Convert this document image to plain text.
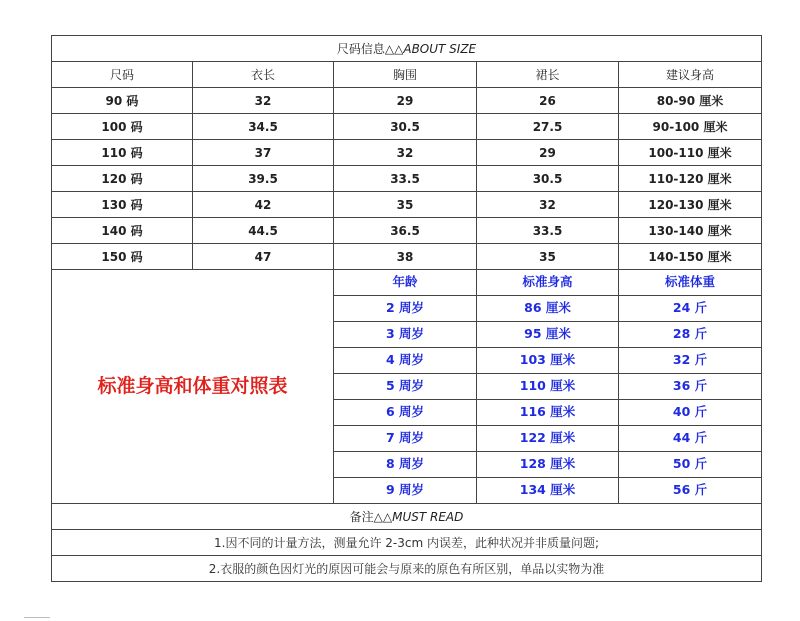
尺码信息△△ABOUT SIZE				
尺码	衣长	胸围	裙长	建议身高
90 码	32	29	26	80-90 厘米
100 码	34.5	30.5	27.5	90-100 厘米
110 码	37	32	29	100-110 厘米
120 码	39.5	33.5	30.5	110-120 厘米
130 码	42	35	32	120-130 厘米
140 码	44.5	36.5	33.5	130-140 厘米
150 码	47	38	35	140-150 厘米
标准身高和体重对照表		年龄	标准身高	标准体重
		2 周岁	86 厘米	24 斤
		3 周岁	95 厘米	28 斤
		4 周岁	103 厘米	32 斤
		5 周岁	110 厘米	36 斤
		6 周岁	116 厘米	40 斤
		7 周岁	122 厘米	44 斤
		8 周岁	128 厘米	50 斤
		9 周岁	134 厘米	56 斤
备注△△MUST READ				
1.因不同的计量方法，测量允许 2-3cm 内误差，此种状况并非质量问题;				
2.衣服的颜色因灯光的原因可能会与原来的原色有所区别，单品以实物为准				
